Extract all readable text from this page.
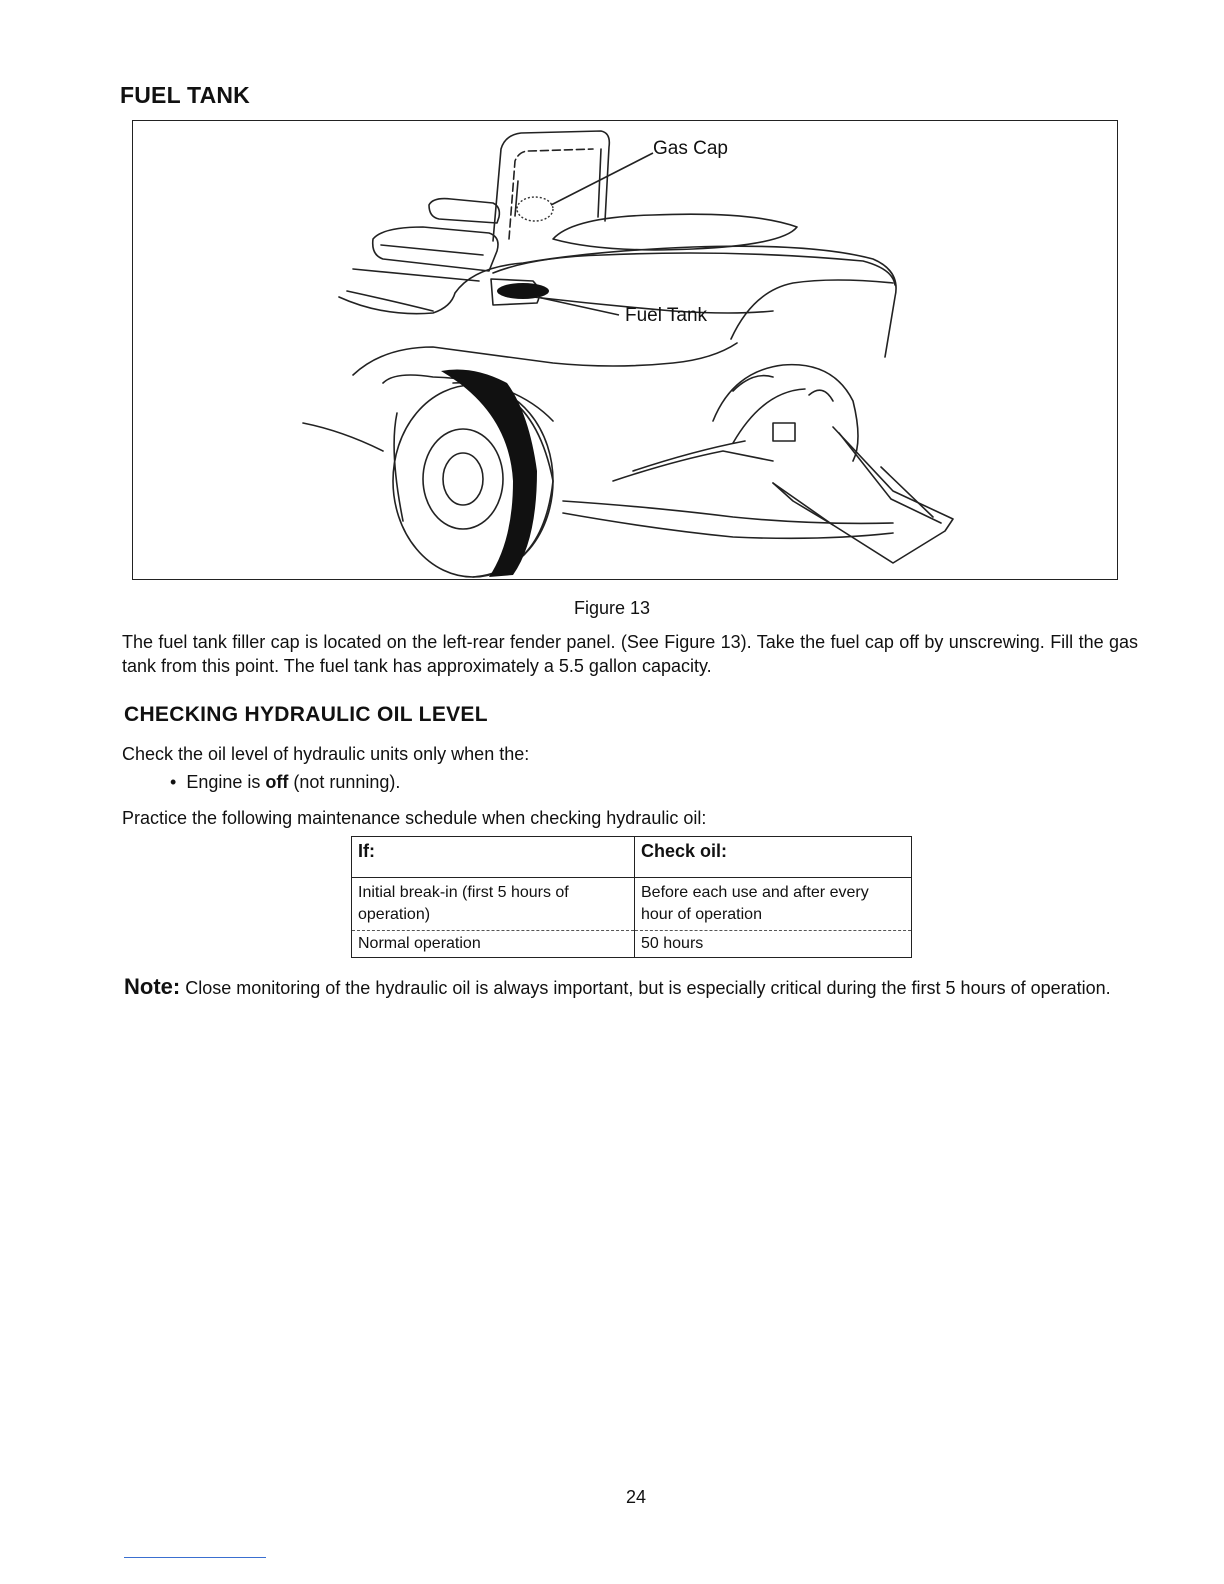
FUEL TANK
Gas Cap
Fuel Tank
Figure 13
The fuel tank filler cap is located on the left-rear fender panel. (See Figure 13). Take the fuel cap off by unscrewing. Fill the gas tank from this point. The fuel tank has approximately a 5.5 gallon capacity.
CHECKING HYDRAULIC OIL LEVEL
Check the oil level of hydraulic units only when the:
•  Engine is off (not running).
Practice the following maintenance schedule when checking hydraulic oil:
If:	Check oil:
Initial break-in (first 5 hours of operation)	Before each use and after every hour of operation
Normal operation	50 hours
Note: Close monitoring of the hydraulic oil is always important, but is especially critical during the first 5 hours of operation.
24
